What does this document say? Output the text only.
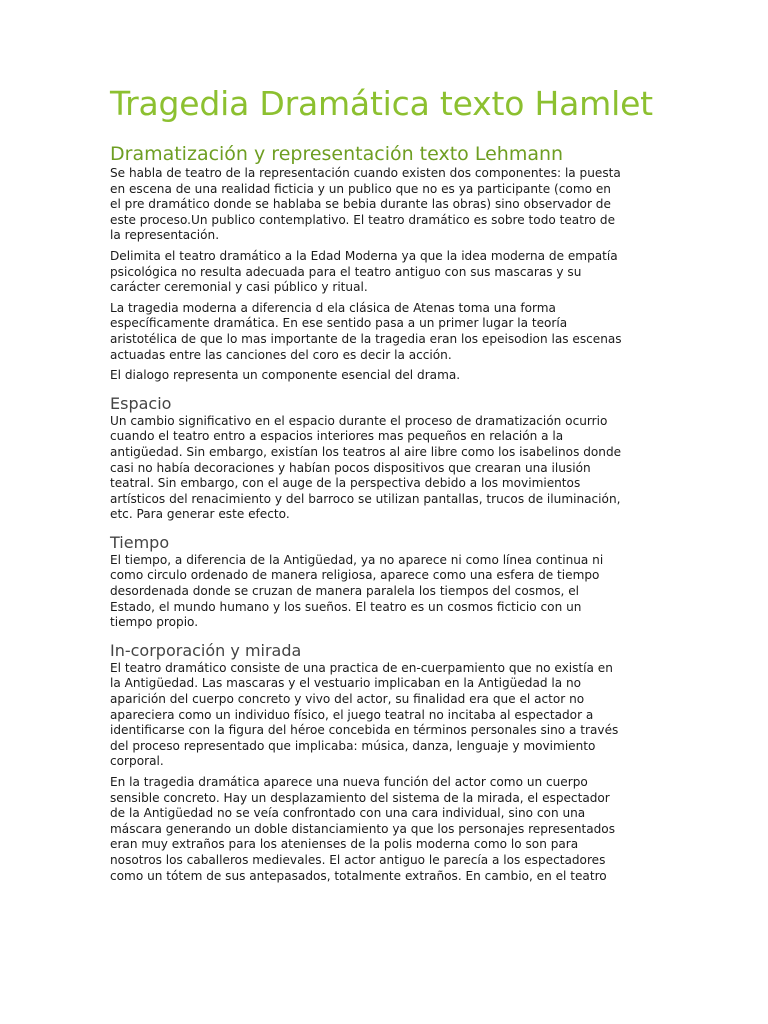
Tragedia Dramática texto Hamlet
Dramatización y representación texto Lehmann

Se habla de teatro de la representación cuando existen dos componentes: la puesta
en escena de una realidad ficticia y un publico que no es ya participante (como en
el pre dramático donde se hablaba se bebia durante las obras) sino observador de
este proceso.Un publico contemplativo. El teatro dramático es sobre todo teatro de
la representación.

Delimita el teatro dramático a la Edad Moderna ya que la idea moderna de empatía
psicológica no resulta adecuada para el teatro antiguo con sus mascaras y su
carácter ceremonial y casi público y ritual.

La tragedia moderna a diferencia d ela clásica de Atenas toma una forma
específicamente dramática. En ese sentido pasa a un primer lugar la teoría
aristotélica de que lo mas importante de la tragedia eran los epeisodion las escenas
actuadas entre las canciones del coro es decir la acción.

El dialogo representa un componente esencial del drama.

Espacio

Un cambio significativo en el espacio durante el proceso de dramatización ocurrio
cuando el teatro entro a espacios interiores mas pequeños en relación a la
antigüedad. Sin embargo, existían los teatros al aire libre como los isabelinos donde
casi no había decoraciones y habían pocos dispositivos que crearan una ilusión
teatral. Sin embargo, con el auge de la perspectiva debido a los movimientos
artísticos del renacimiento y del barroco se utilizan pantallas, trucos de iluminación,
etc. Para generar este efecto.

Tiempo

El tiempo, a diferencia de la Antigüedad, ya no aparece ni como línea continua ni
como circulo ordenado de manera religiosa, aparece como una esfera de tiempo
desordenada donde se cruzan de manera paralela los tiempos del cosmos, el
Estado, el mundo humano y los sueños. El teatro es un cosmos ficticio con un
tiempo propio.

In-corporación y mirada

El teatro dramático consiste de una practica de en-cuerpamiento que no existía en
la Antigüedad. Las mascaras y el vestuario implicaban en la Antigüedad la no
aparición del cuerpo concreto y vivo del actor, su finalidad era que el actor no
apareciera como un individuo físico, el juego teatral no incitaba al espectador a
identificarse con la figura del héroe concebida en términos personales sino a través
del proceso representado que implicaba: música, danza, lenguaje y movimiento
corporal.

En la tragedia dramática aparece una nueva función del actor como un cuerpo
sensible concreto. Hay un desplazamiento del sistema de la mirada, el espectador
de la Antigüedad no se veía confrontado con una cara individual, sino con una
máscara generando un doble distanciamiento ya que los personajes representados
eran muy extraños para los atenienses de la polis moderna como lo son para
nosotros los caballeros medievales. El actor antiguo le parecía a los espectadores
como un tótem de sus antepasados, totalmente extraños. En cambio, en el teatro
